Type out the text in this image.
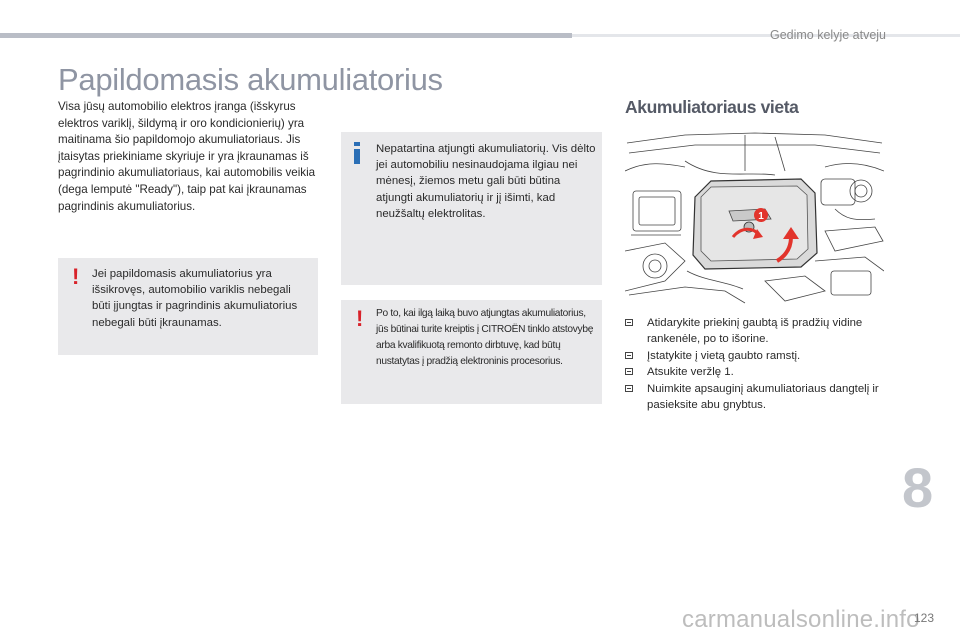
Gedimo kelyje atveju
Papildomasis akumuliatorius

Visa jūsų automobilio elektros įranga (išskyrus elektros variklį, šildymą ir oro kondicionierių) yra maitinama šio papildomojo akumuliatoriaus. Jis įtaisytas priekiniame skyriuje ir yra įkraunamas iš pagrindinio akumuliatoriaus, kai automobilis veikia (dega lemputė "Ready"), taip pat kai įkraunamas pagrindinis akumuliatorius.

! Jei papildomasis akumuliatorius yra išsikrovęs, automobilio variklis nebegali būti įjungtas ir pagrindinis akumuliatorius nebegali būti įkraunamas.

Nepatartina atjungti akumuliatorių. Vis dėlto jei automobiliu nesinaudojama ilgiau nei mėnesį, žiemos metu gali būti būtina atjungti akumuliatorių ir jį išimti, kad neužšaltų elektrolitas.

! Po to, kai ilgą laiką buvo atjungtas akumuliatorius, jūs būtinai turite kreiptis į CITROËN tinklo atstovybę arba kvalifikuotą remonto dirbtuvę, kad būtų nustatytas į pradžią elektroninis procesorius.

Akumuliatoriaus vieta
1
Atidarykite priekinį gaubtą iš pradžių vidine rankenėle, po to išorine.
Įstatykite į vietą gaubto ramstį.
Atsukite veržlę 1.
Nuimkite apsauginį akumuliatoriaus dangtelį ir pasieksite abu gnybtus.
8
carmanualsonline.info
123
